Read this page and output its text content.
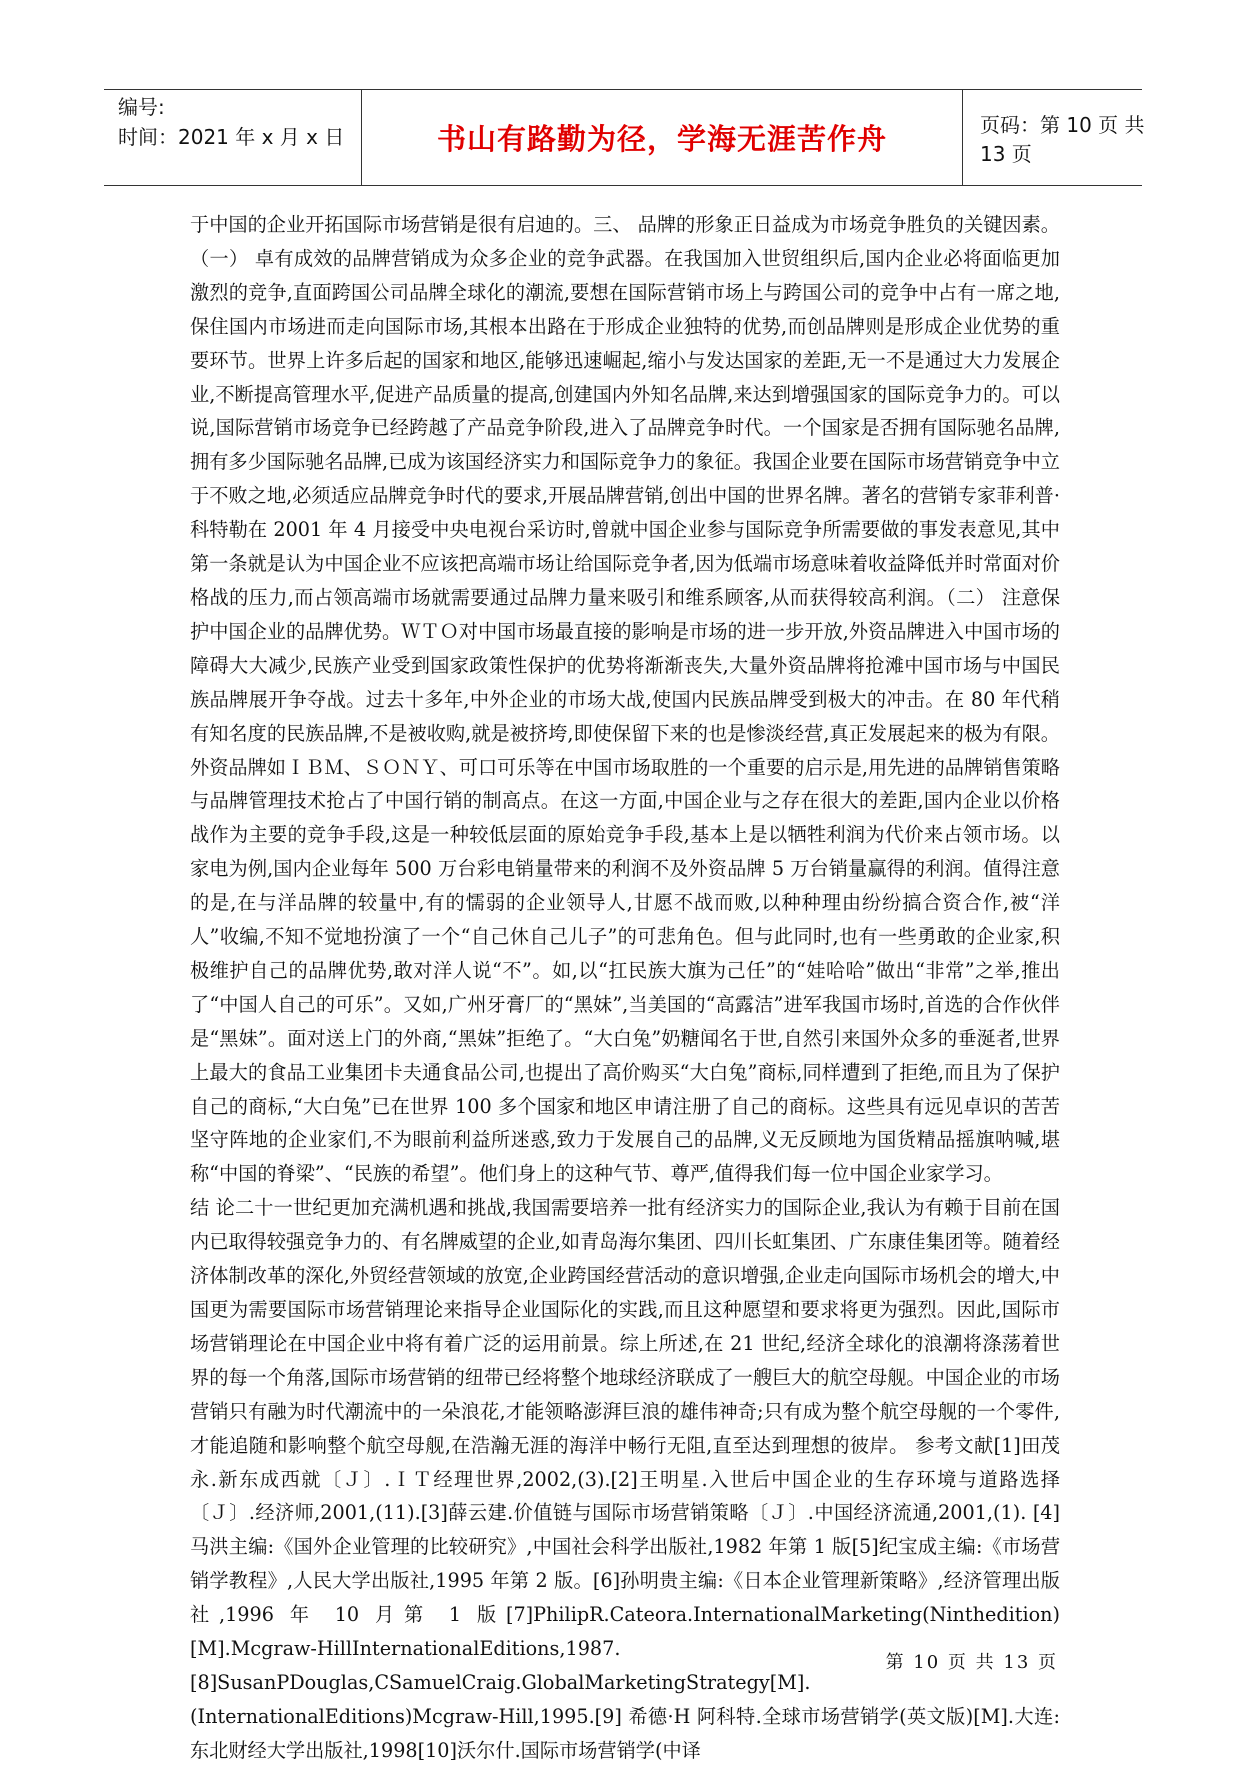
编号:
时间：2021 年 x 月 x 日	书山有路勤为径，学海无涯苦作舟	页码：第 10 页 共 13 页

于中国的企业开拓国际市场营销是很有启迪的。三、 品牌的形象正日益成为市场竞争胜负的关键因素。（一） 卓有成效的品牌营销成为众多企业的竞争武器。在我国加入世贸组织后,国内企业必将面临更加激烈的竞争,直面跨国公司品牌全球化的潮流,要想在国际营销市场上与跨国公司的竞争中占有一席之地,保住国内市场进而走向国际市场,其根本出路在于形成企业独特的优势,而创品牌则是形成企业优势的重要环节。世界上许多后起的国家和地区,能够迅速崛起,缩小与发达国家的差距,无一不是通过大力发展企业,不断提高管理水平,促进产品质量的提高,创建国内外知名品牌,来达到增强国家的国际竞争力的。可以说,国际营销市场竞争已经跨越了产品竞争阶段,进入了品牌竞争时代。一个国家是否拥有国际驰名品牌,拥有多少国际驰名品牌,已成为该国经济实力和国际竞争力的象征。我国企业要在国际市场营销竞争中立于不败之地,必须适应品牌竞争时代的要求,开展品牌营销,创出中国的世界名牌。著名的营销专家菲利普·科特勒在 2001 年 4 月接受中央电视台采访时,曾就中国企业参与国际竞争所需要做的事发表意见,其中第一条就是认为中国企业不应该把高端市场让给国际竞争者,因为低端市场意味着收益降低并时常面对价格战的压力,而占领高端市场就需要通过品牌力量来吸引和维系顾客,从而获得较高利润。（二） 注意保护中国企业的品牌优势。ＷＴＯ对中国市场最直接的影响是市场的进一步开放,外资品牌进入中国市场的障碍大大减少,民族产业受到国家政策性保护的优势将渐渐丧失,大量外资品牌将抢滩中国市场与中国民族品牌展开争夺战。过去十多年,中外企业的市场大战,使国内民族品牌受到极大的冲击。在 80 年代稍有知名度的民族品牌,不是被收购,就是被挤垮,即使保留下来的也是惨淡经营,真正发展起来的极为有限。外资品牌如ＩＢＭ、ＳＯＮＹ、可口可乐等在中国市场取胜的一个重要的启示是,用先进的品牌销售策略与品牌管理技术抢占了中国行销的制高点。在这一方面,中国企业与之存在很大的差距,国内企业以价格战作为主要的竞争手段,这是一种较低层面的原始竞争手段,基本上是以牺牲利润为代价来占领市场。以家电为例,国内企业每年 500 万台彩电销量带来的利润不及外资品牌 5 万台销量赢得的利润。值得注意的是,在与洋品牌的较量中,有的懦弱的企业领导人,甘愿不战而败,以种种理由纷纷搞合资合作,被“洋人”收编,不知不觉地扮演了一个“自己休自己儿子”的可悲角色。但与此同时,也有一些勇敢的企业家,积极维护自己的品牌优势,敢对洋人说“不”。如,以“扛民族大旗为己任”的“娃哈哈”做出“非常”之举,推出了“中国人自己的可乐”。又如,广州牙膏厂的“黑妹”,当美国的“高露洁”进军我国市场时,首选的合作伙伴是“黑妹”。面对送上门的外商,“黑妹”拒绝了。“大白兔”奶糖闻名于世,自然引来国外众多的垂涎者,世界上最大的食品工业集团卡夫通食品公司,也提出了高价购买“大白兔”商标,同样遭到了拒绝,而且为了保护自己的商标,“大白兔”已在世界 100 多个国家和地区申请注册了自己的商标。这些具有远见卓识的苦苦坚守阵地的企业家们,不为眼前利益所迷惑,致力于发展自己的品牌,义无反顾地为国货精品摇旗呐喊,堪称“中国的脊梁”、“民族的希望”。他们身上的这种气节、尊严,值得我们每一位中国企业家学习。

结 论二十一世纪更加充满机遇和挑战,我国需要培养一批有经济实力的国际企业,我认为有赖于目前在国内已取得较强竞争力的、有名牌威望的企业,如青岛海尔集团、四川长虹集团、广东康佳集团等。随着经济体制改革的深化,外贸经营领域的放宽,企业跨国经营活动的意识增强,企业走向国际市场机会的增大,中国更为需要国际市场营销理论来指导企业国际化的实践,而且这种愿望和要求将更为强烈。因此,国际市场营销理论在中国企业中将有着广泛的运用前景。综上所述,在 21 世纪,经济全球化的浪潮将涤荡着世界的每一个角落,国际市场营销的纽带已经将整个地球经济联成了一艘巨大的航空母舰。中国企业的市场营销只有融为时代潮流中的一朵浪花,才能领略澎湃巨浪的雄伟神奇;只有成为整个航空母舰的一个零件,才能追随和影响整个航空母舰,在浩瀚无涯的海洋中畅行无阻,直至达到理想的彼岸。 参考文献[1]田茂永.新东成西就〔Ｊ〕.ＩＴ经理世界,2002,(3).[2]王明星.入世后中国企业的生存环境与道路选择〔Ｊ〕.经济师,2001,(11).[3]薛云建.价值链与国际市场营销策略〔Ｊ〕.中国经济流通,2001,(1). [4]马洪主编:《国外企业管理的比较研究》,中国社会科学出版社,1982 年第 1 版[5]纪宝成主编:《市场营销学教程》,人民大学出版社,1995 年第 2 版。[6]孙明贵主编:《日本企业管理新策略》,经济管理出版社,1996 年 10 月第 1 版[7]PhilipR.Cateora.InternationalMarketing(Ninthedition)[M].Mcgraw-HillInternationalEditions,1987.[8]SusanPDouglas,CSamuelCraig.GlobalMarketingStrategy[M].(InternationalEditions)Mcgraw-Hill,1995.[9] 希德·H 阿科特.全球市场营销学(英文版)[M].大连:东北财经大学出版社,1998[10]沃尔什.国际市场营销学(中译

第 10 页 共 13 页
